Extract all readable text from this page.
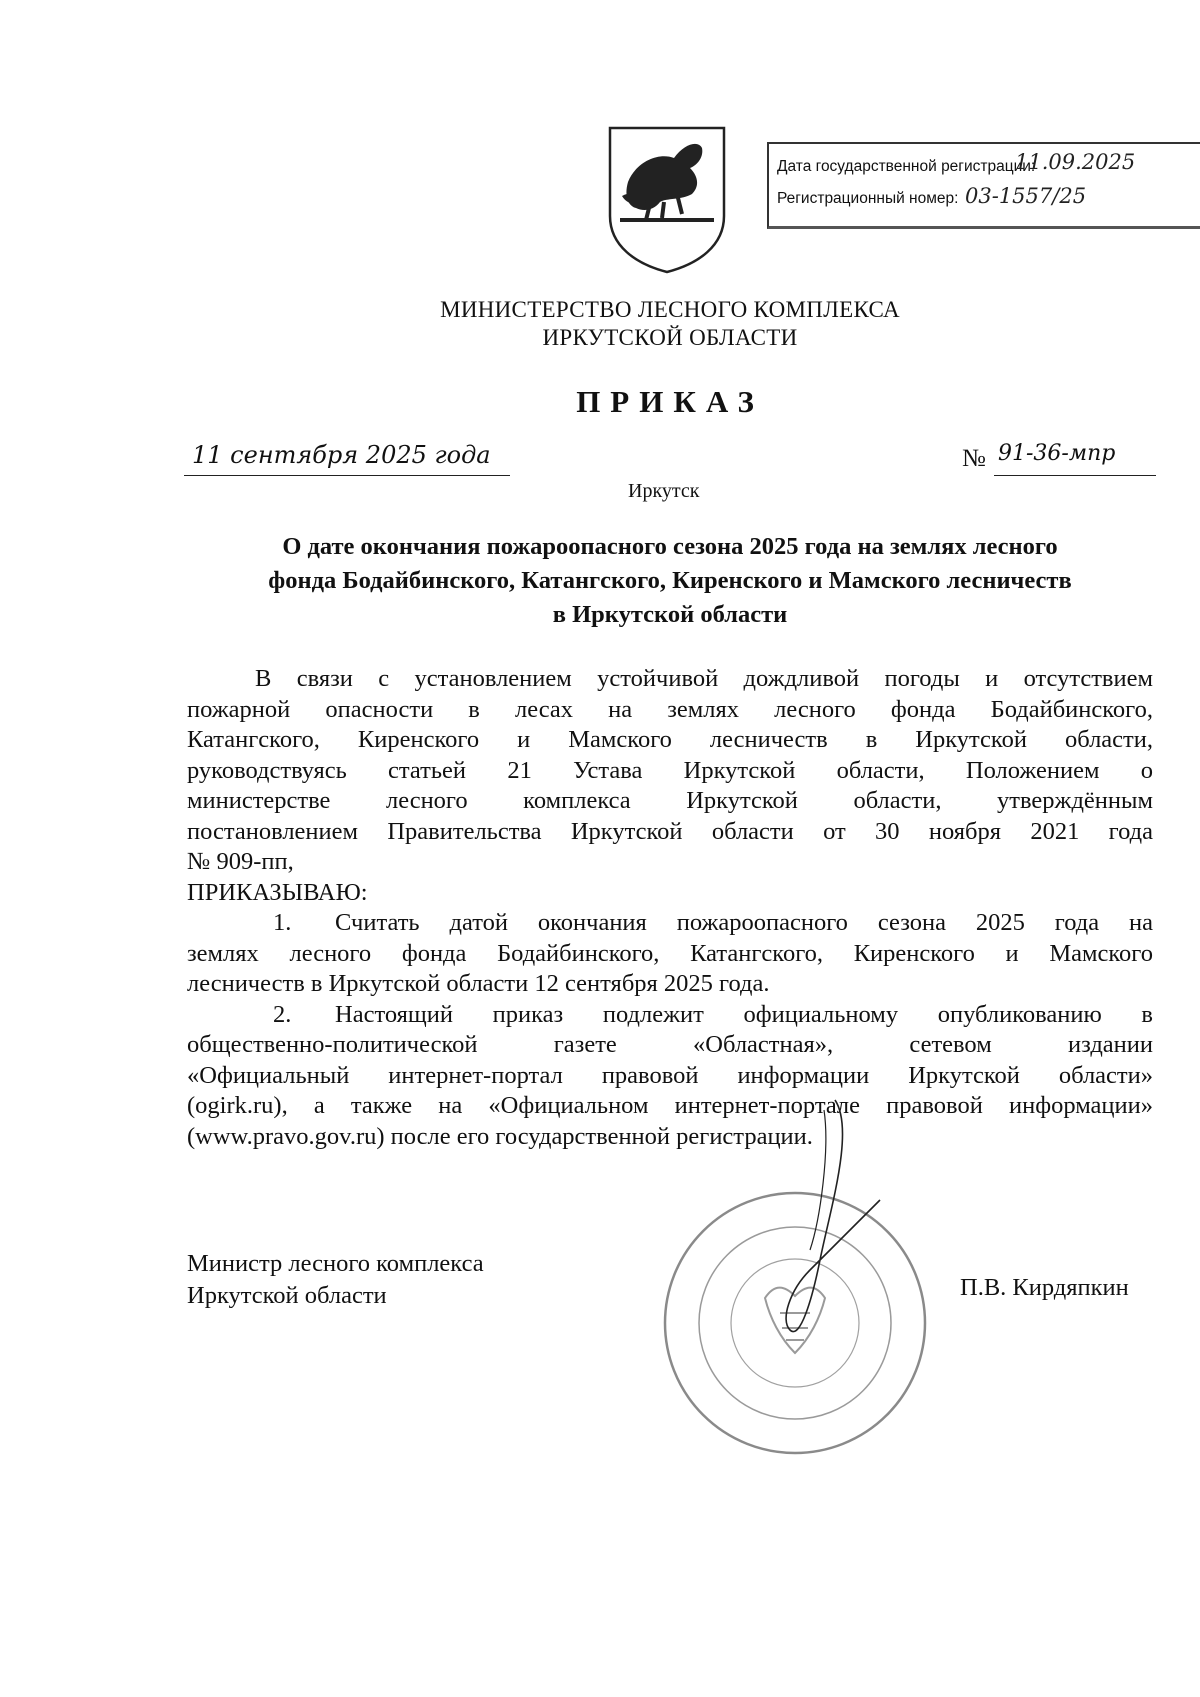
Дата государственной регистрации:
11.09.2025
Регистрационный номер: 03-1557/25
МИНИСТЕРСТВО ЛЕСНОГО КОМПЛЕКСА
ИРКУТСКОЙ ОБЛАСТИ
ПРИКАЗ
11 сентября 2025 года	№ 91-36-мпр
Иркутск
О дате окончания пожароопасного сезона 2025 года на землях лесного
фонда Бодайбинского, Катангского, Киренского и Мамского лесничеств
в Иркутской области
В связи с установлением устойчивой дождливой погоды и отсутствием
пожарной опасности в лесах на землях лесного фонда Бодайбинского,
Катангского, Киренского и Мамского лесничеств в Иркутской области,
руководствуясь статьей 21 Устава Иркутской области, Положением о
министерстве лесного комплекса Иркутской области, утверждённым
постановлением Правительства Иркутской области от 30 ноября 2021 года
№ 909-пп,
ПРИКАЗЫВАЮ:
1. Считать датой окончания пожароопасного сезона 2025 года на
землях лесного фонда Бодайбинского, Катангского, Киренского и Мамского
лесничеств в Иркутской области 12 сентября 2025 года.
2. Настоящий приказ подлежит официальному опубликованию в
общественно-политической газете «Областная», сетевом издании
«Официальный интернет-портал правовой информации Иркутской области»
(ogirk.ru), а также на «Официальном интернет-портале правовой информации»
(www.pravo.gov.ru) после его государственной регистрации.
Министр лесного комплекса
Иркутской области	П.В. Кирдяпкин
